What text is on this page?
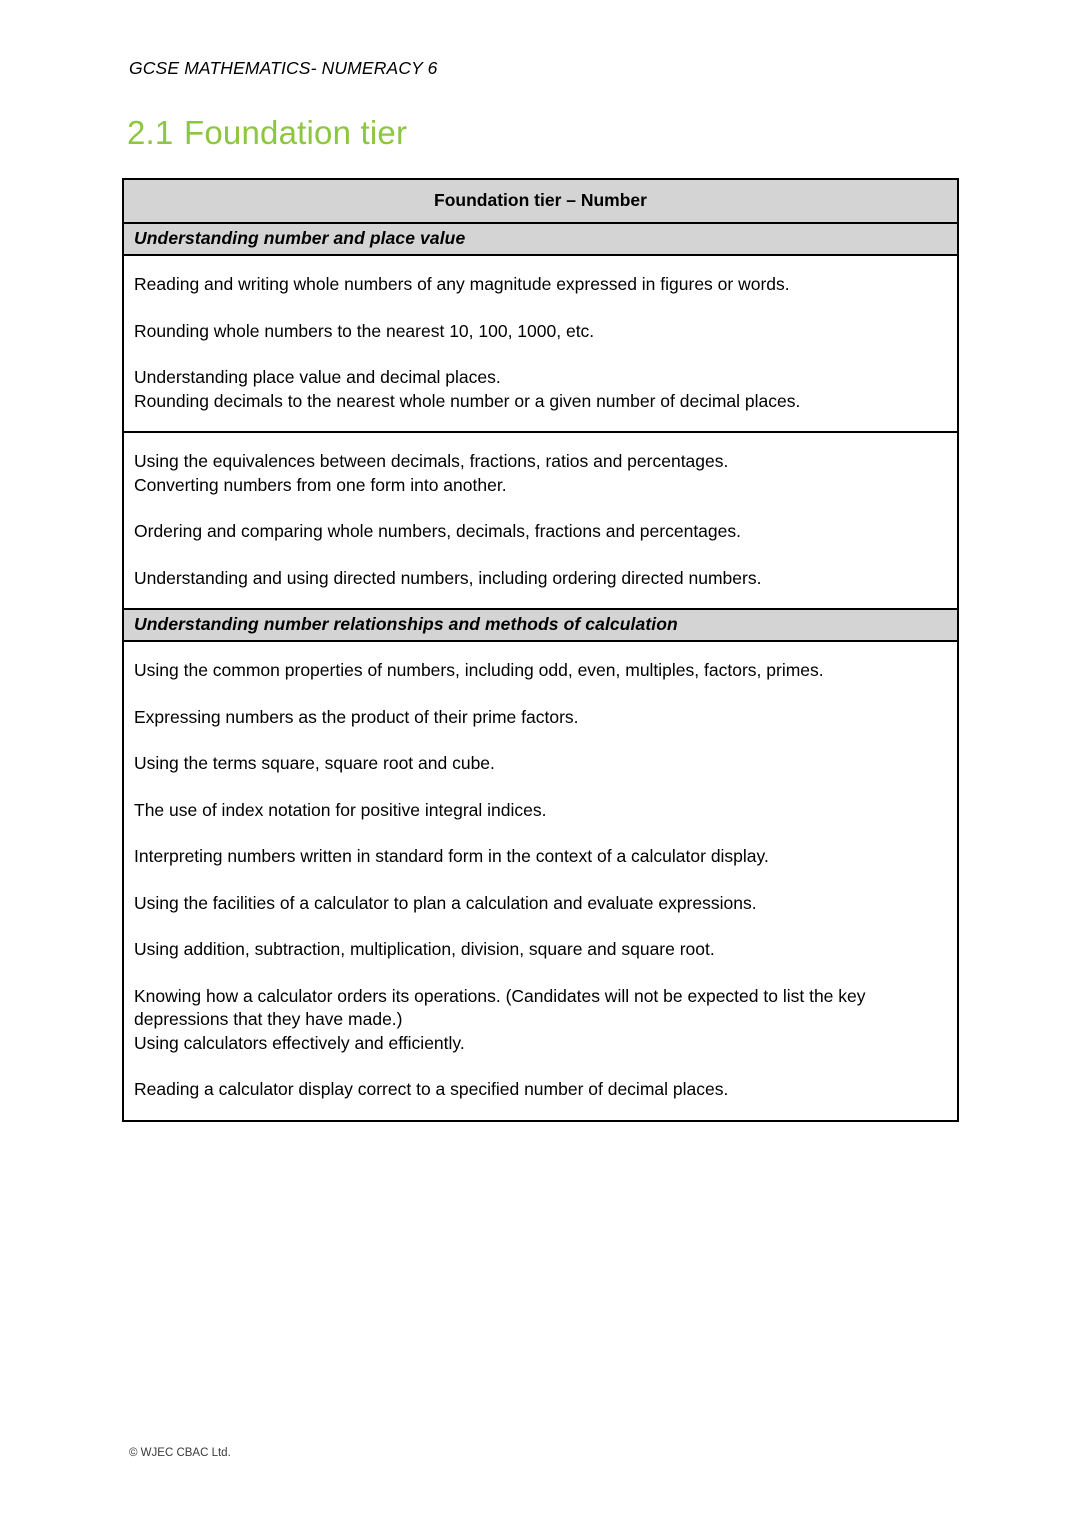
GCSE MATHEMATICS- NUMERACY 6
2.1 Foundation tier
Foundation tier – Number
Understanding number and place value

Reading and writing whole numbers of any magnitude expressed in figures or words.

Rounding whole numbers to the nearest 10, 100, 1000, etc.

Understanding place value and decimal places.
Rounding decimals to the nearest whole number or a given number of decimal places.

Using the equivalences between decimals, fractions, ratios and percentages.
Converting numbers from one form into another.

Ordering and comparing whole numbers, decimals, fractions and percentages.

Understanding and using directed numbers, including ordering directed numbers.

Understanding number relationships and methods of calculation

Using the common properties of numbers, including odd, even, multiples, factors, primes.

Expressing numbers as the product of their prime factors.

Using the terms square, square root and cube.

The use of index notation for positive integral indices.

Interpreting numbers written in standard form in the context of a calculator display.

Using the facilities of a calculator to plan a calculation and evaluate expressions.

Using addition, subtraction, multiplication, division, square and square root.

Knowing how a calculator orders its operations. (Candidates will not be expected to list the key depressions that they have made.)
Using calculators effectively and efficiently.

Reading a calculator display correct to a specified number of decimal places.

© WJEC CBAC Ltd.
